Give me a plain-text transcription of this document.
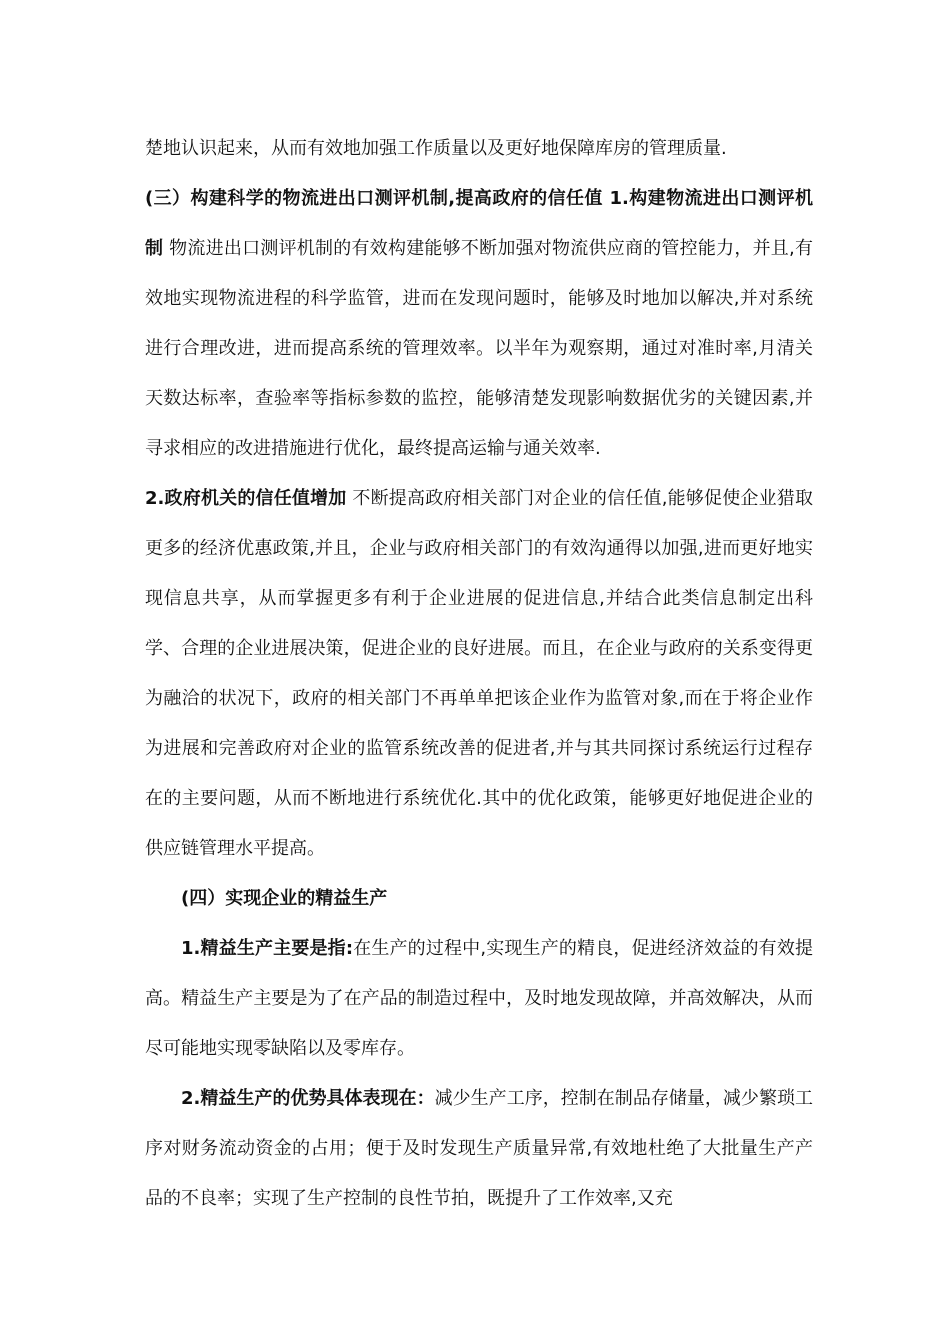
楚地认识起来，从而有效地加强工作质量以及更好地保障库房的管理质量.

(三）构建科学的物流进出口测评机制,提高政府的信任值 1.构建物流进出口测评机制 物流进出口测评机制的有效构建能够不断加强对物流供应商的管控能力，并且,有效地实现物流进程的科学监管，进而在发现问题时，能够及时地加以解决,并对系统进行合理改进，进而提高系统的管理效率。以半年为观察期，通过对准时率,月清关天数达标率，查验率等指标参数的监控，能够清楚发现影响数据优劣的关键因素,并寻求相应的改进措施进行优化，最终提高运输与通关效率.

2.政府机关的信任值增加 不断提高政府相关部门对企业的信任值,能够促使企业猎取更多的经济优惠政策,并且，企业与政府相关部门的有效沟通得以加强,进而更好地实现信息共享，从而掌握更多有利于企业进展的促进信息,并结合此类信息制定出科学、合理的企业进展决策，促进企业的良好进展。而且，在企业与政府的关系变得更为融洽的状况下，政府的相关部门不再单单把该企业作为监管对象,而在于将企业作为进展和完善政府对企业的监管系统改善的促进者,并与其共同探讨系统运行过程存在的主要问题，从而不断地进行系统优化.其中的优化政策，能够更好地促进企业的供应链管理水平提高。

(四）实现企业的精益生产

1.精益生产主要是指:在生产的过程中,实现生产的精良，促进经济效益的有效提高。精益生产主要是为了在产品的制造过程中，及时地发现故障，并高效解决，从而尽可能地实现零缺陷以及零库存。

2.精益生产的优势具体表现在：减少生产工序，控制在制品存储量，减少繁琐工序对财务流动资金的占用；便于及时发现生产质量异常,有效地杜绝了大批量生产产品的不良率；实现了生产控制的良性节拍，既提升了工作效率,又充
